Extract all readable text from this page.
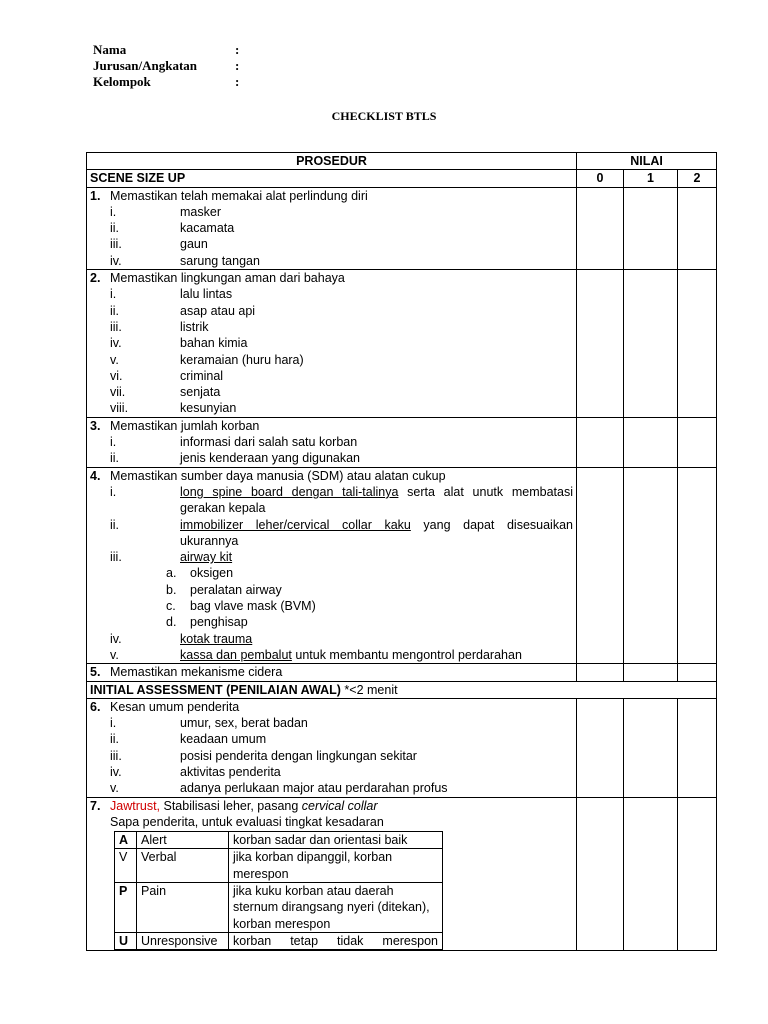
Nama	:
Jurusan/Angkatan	:
Kelompok	:
CHECKLIST BTLS
PROSEDUR	NILAI
SCENE SIZE UP	0	1	2

1. Memastikan telah memakai alat perlindung diri
i.	masker
ii.	kacamata
iii.	gaun
iv.	sarung tangan

2. Memastikan lingkungan aman dari bahaya
i.	lalu lintas
ii.	asap atau api
iii.	listrik
iv.	bahan kimia
v.	keramaian (huru hara)
vi.	criminal
vii.	senjata
viii.	kesunyian

3. Memastikan jumlah korban
i.	informasi dari salah satu korban
ii.	jenis kenderaan yang digunakan

4. Memastikan sumber daya manusia (SDM) atau alatan cukup
i.	long spine board dengan tali-talinya serta alat unutk membatasi gerakan kepala
ii.	immobilizer leher/cervical collar kaku yang dapat disesuaikan ukurannya
iii.	airway kit
a.	oksigen
b.	peralatan airway
c.	bag vlave mask (BVM)
d.	penghisap
iv.	kotak trauma
v.	kassa dan pembalut untuk membantu mengontrol perdarahan

5. Memastikan mekanisme cidera

INITIAL ASSESSMENT (PENILAIAN AWAL) *<2 menit

6. Kesan umum penderita
i.	umur, sex, berat badan
ii.	keadaan umum
iii.	posisi penderita dengan lingkungan sekitar
iv.	aktivitas penderita
v.	adanya perlukaan major atau perdarahan profus

7. Jawtrust, Stabilisasi leher, pasang cervical collar
Sapa penderita, untuk evaluasi tingkat kesadaran
A	Alert	korban sadar dan orientasi baik
V	Verbal	jika korban dipanggil, korban merespon
P	Pain	jika kuku korban atau daerah sternum dirangsang nyeri (ditekan), korban merespon
U	Unresponsive	korban tetap tidak merespon
